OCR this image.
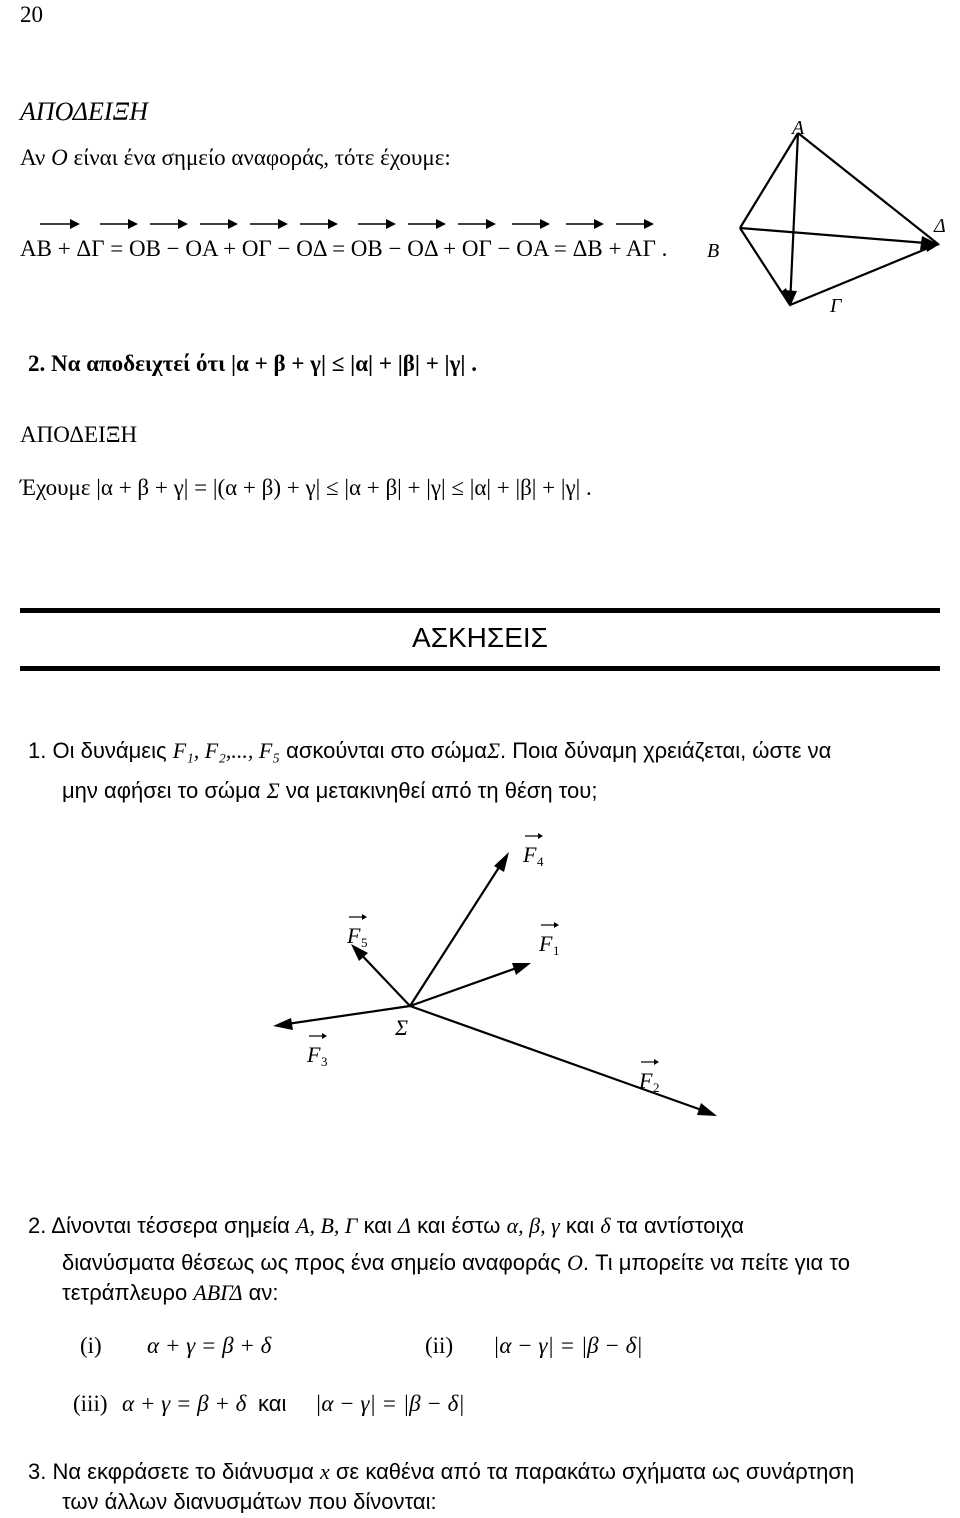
20
ΑΠΟΔΕΙΞΗ
Αν O είναι ένα σημείο αναφοράς, τότε έχουμε:
AB + ΔΓ = OB − OA + OΓ − OΔ = OB − OΔ + OΓ − OA = ΔB + AΓ .
A
B
Γ
Δ
2. Να αποδειχτεί ότι |α + β + γ| ≤ |α| + |β| + |γ| .
ΑΠΟΔΕΙΞΗ
Έχουμε |α + β + γ| = |(α + β) + γ| ≤ |α + β| + |γ| ≤ |α| + |β| + |γ| .
ΑΣΚΗΣΕΙΣ
1. Οι δυνάμεις F₁, F₂,..., F₅ ασκούνται στο σώμαΣ. Ποια δύναμη χρειάζεται, ώστε να
μην αφήσει το σώμα Σ να μετακινηθεί από τη θέση του;
F 4
F 5	F 1
F 3
F 2
Σ
2. Δίνονται τέσσερα σημεία A, B, Γ και Δ και έστω α, β, γ και δ τα αντίστοιχα
διανύσματα θέσεως ως προς ένα σημείο αναφοράς O. Τι μπορείτε να πείτε για το
τετράπλευρο ΑΒΓΔ αν:
(i) α + γ = β + δ	(ii) |α − γ| = |β − δ|
(iii) α + γ = β + δ και |α − γ| = |β − δ|
3. Να εκφράσετε το διάνυσμα x σε καθένα από τα παρακάτω σχήματα ως συνάρτηση
των άλλων διανυσμάτων που δίνονται:
